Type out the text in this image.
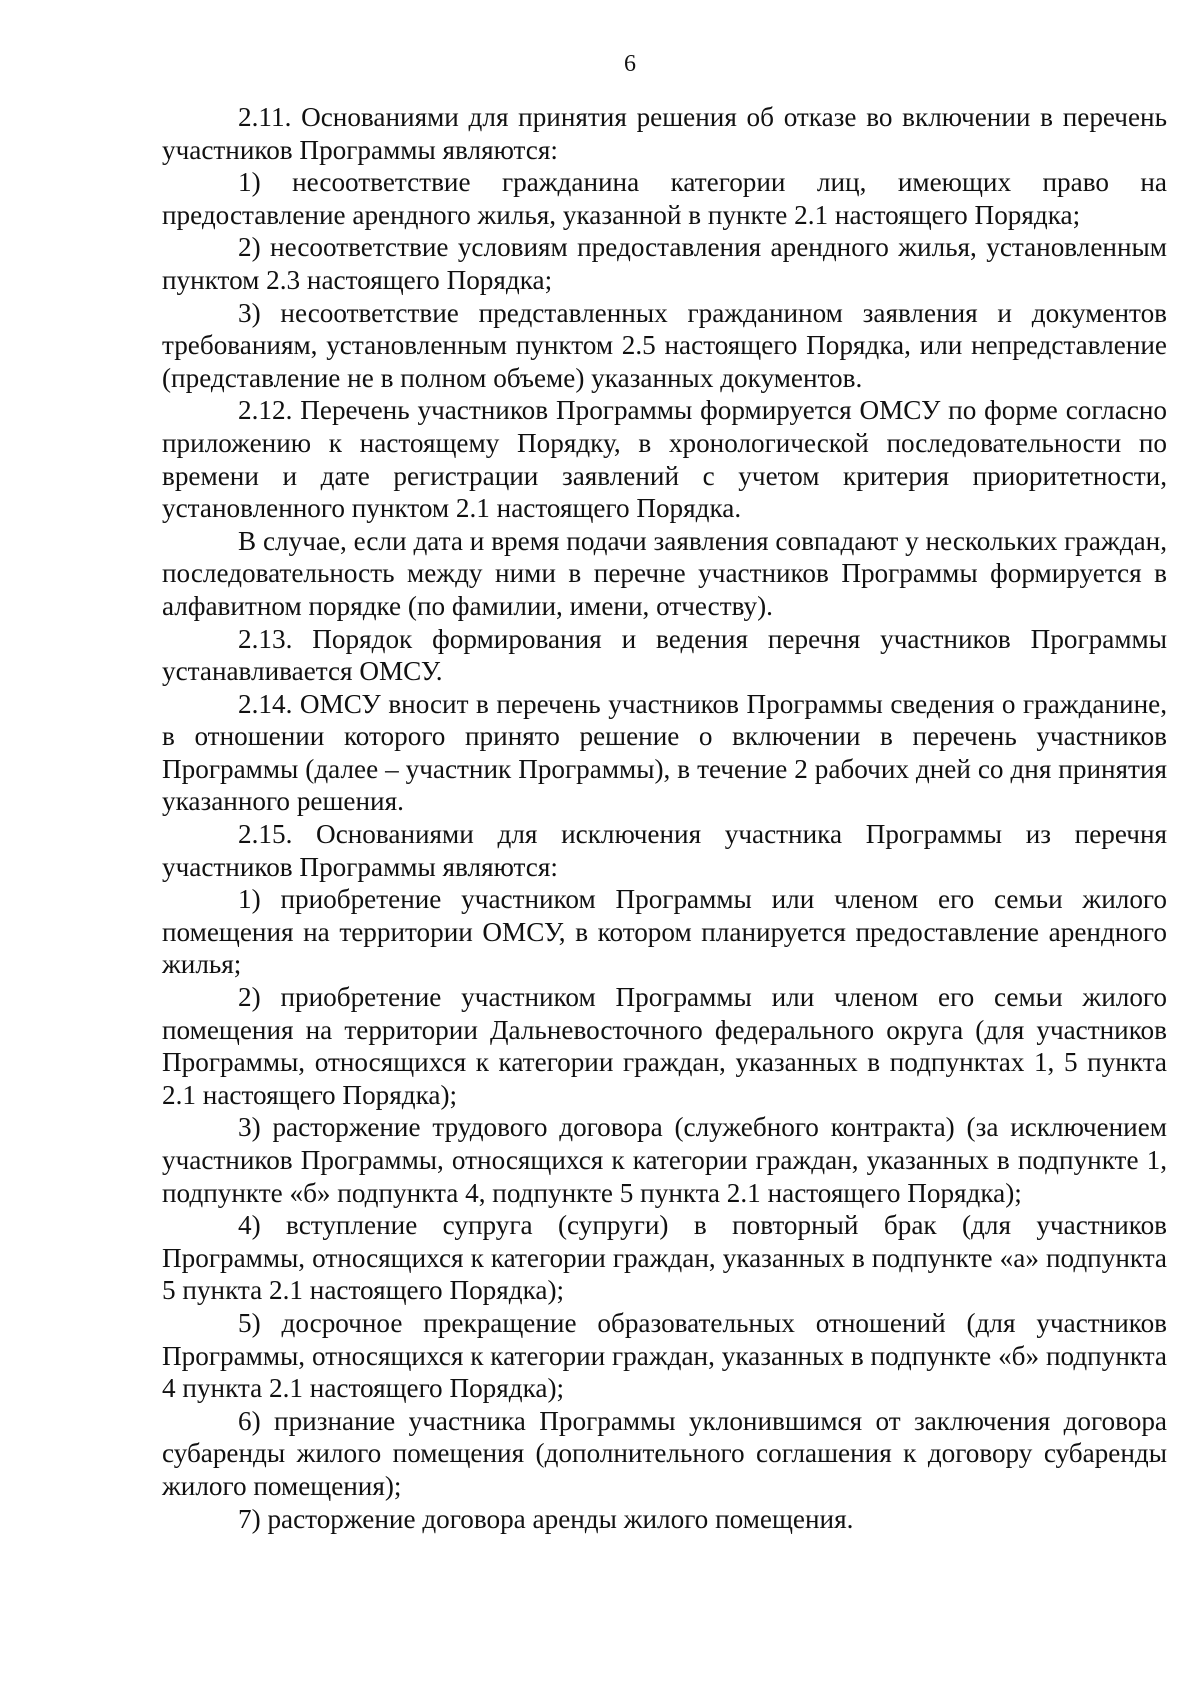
6

2.11. Основаниями для принятия решения об отказе во включении в перечень участников Программы являются:

1) несоответствие гражданина категории лиц, имеющих право на предоставление арендного жилья, указанной в пункте 2.1 настоящего Порядка;

2) несоответствие условиям предоставления арендного жилья, установленным пунктом 2.3 настоящего Порядка;

3) несоответствие представленных гражданином заявления и документов требованиям, установленным пунктом 2.5 настоящего Порядка, или непредставление (представление не в полном объеме) указанных документов.

2.12. Перечень участников Программы формируется ОМСУ по форме согласно приложению к настоящему Порядку, в хронологической последовательности по времени и дате регистрации заявлений с учетом критерия приоритетности, установленного пунктом 2.1 настоящего Порядка.

В случае, если дата и время подачи заявления совпадают у нескольких граждан, последовательность между ними в перечне участников Программы формируется в алфавитном порядке (по фамилии, имени, отчеству).

2.13. Порядок формирования и ведения перечня участников Программы устанавливается ОМСУ.

2.14. ОМСУ вносит в перечень участников Программы сведения о гражданине, в отношении которого принято решение о включении в перечень участников Программы (далее – участник Программы), в течение 2 рабочих дней со дня принятия указанного решения.

2.15. Основаниями для исключения участника Программы из перечня участников Программы являются:

1) приобретение участником Программы или членом его семьи жилого помещения на территории ОМСУ, в котором планируется предоставление арендного жилья;

2) приобретение участником Программы или членом его семьи жилого помещения на территории Дальневосточного федерального округа (для участников Программы, относящихся к категории граждан, указанных в подпунктах 1, 5 пункта 2.1 настоящего Порядка);

3) расторжение трудового договора (служебного контракта) (за исключением участников Программы, относящихся к категории граждан, указанных в подпункте 1, подпункте «б» подпункта 4, подпункте 5 пункта 2.1 настоящего Порядка);

4) вступление супруга (супруги) в повторный брак (для участников Программы, относящихся к категории граждан, указанных в подпункте «а» подпункта 5 пункта 2.1 настоящего Порядка);

5) досрочное прекращение образовательных отношений (для участников Программы, относящихся к категории граждан, указанных в подпункте «б» подпункта 4 пункта 2.1 настоящего Порядка);

6) признание участника Программы уклонившимся от заключения договора субаренды жилого помещения (дополнительного соглашения к договору субаренды жилого помещения);

7) расторжение договора аренды жилого помещения.
